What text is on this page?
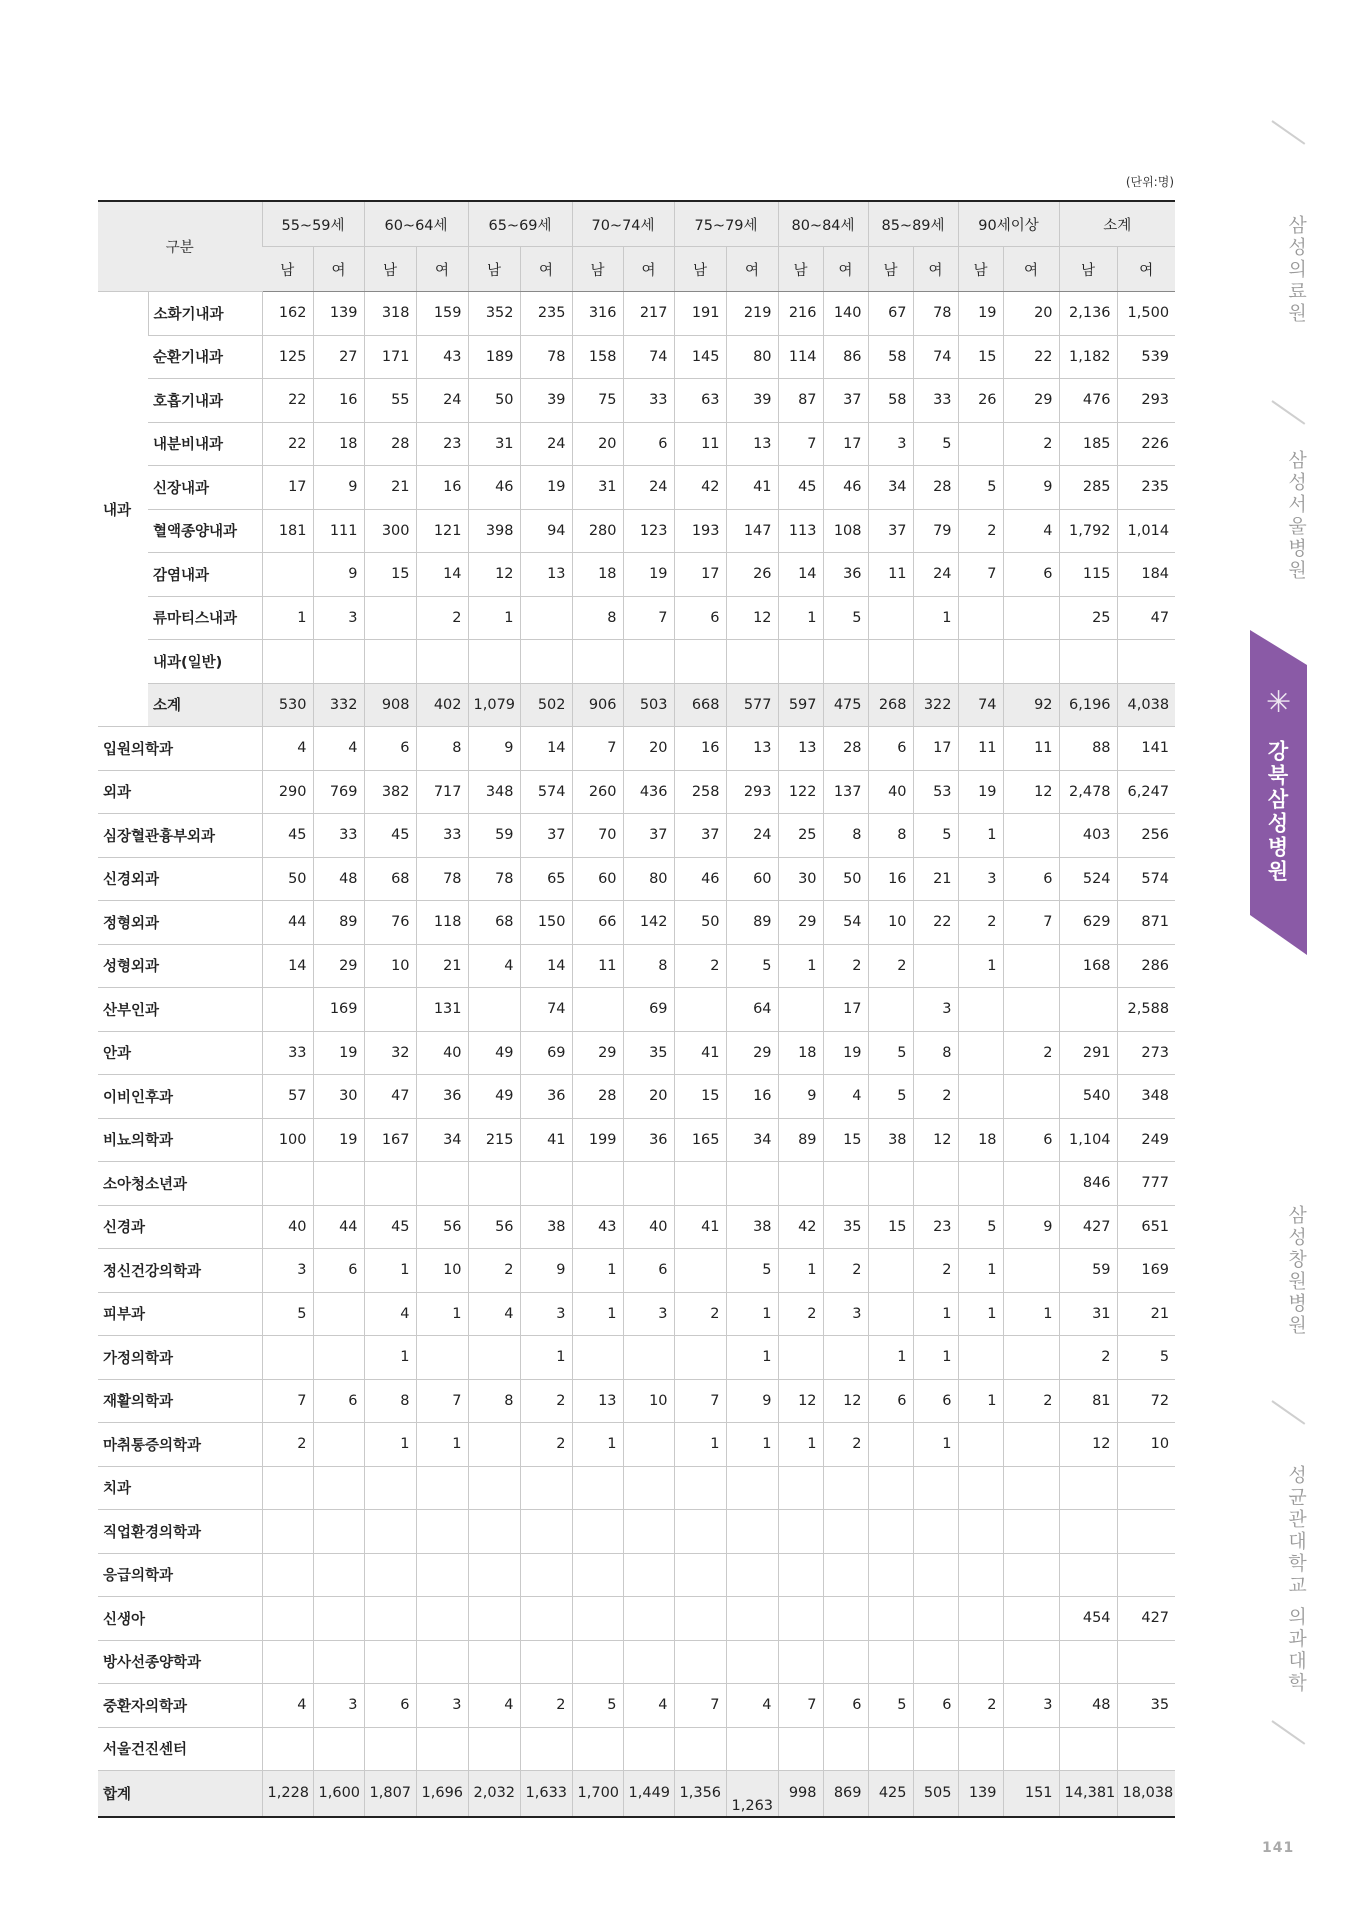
(단위:명)
구분		55~59세		60~64세		65~69세		70~74세		75~79세		80~84세		85~89세		90세이상		소계	
		남	여	남	여	남	여	남	여	남	여	남	여	남	여	남	여	남	여
내과	소화기내과	162	139	318	159	352	235	316	217	191	219	216	140	67	78	19	20	2,136	1,500
	순환기내과	125	27	171	43	189	78	158	74	145	80	114	86	58	74	15	22	1,182	539
	호흡기내과	22	16	55	24	50	39	75	33	63	39	87	37	58	33	26	29	476	293
	내분비내과	22	18	28	23	31	24	20	6	11	13	7	17	3	5		2	185	226
	신장내과	17	9	21	16	46	19	31	24	42	41	45	46	34	28	5	9	285	235
	혈액종양내과	181	111	300	121	398	94	280	123	193	147	113	108	37	79	2	4	1,792	1,014
	감염내과		9	15	14	12	13	18	19	17	26	14	36	11	24	7	6	115	184
	류마티스내과	1	3		2	1		8	7	6	12	1	5		1			25	47
	내과(일반)																		
	소계	530	332	908	402	1,079	502	906	503	668	577	597	475	268	322	74	92	6,196	4,038
입원의학과		4	4	6	8	9	14	7	20	16	13	13	28	6	17	11	11	88	141
외과		290	769	382	717	348	574	260	436	258	293	122	137	40	53	19	12	2,478	6,247
심장혈관흉부외과		45	33	45	33	59	37	70	37	37	24	25	8	8	5	1		403	256
신경외과		50	48	68	78	78	65	60	80	46	60	30	50	16	21	3	6	524	574
정형외과		44	89	76	118	68	150	66	142	50	89	29	54	10	22	2	7	629	871
성형외과		14	29	10	21	4	14	11	8	2	5	1	2	2		1		168	286
산부인과			169		131		74		69		64		17		3				2,588
안과		33	19	32	40	49	69	29	35	41	29	18	19	5	8		2	291	273
이비인후과		57	30	47	36	49	36	28	20	15	16	9	4	5	2			540	348
비뇨의학과		100	19	167	34	215	41	199	36	165	34	89	15	38	12	18	6	1,104	249
소아청소년과																		846	777
신경과		40	44	45	56	56	38	43	40	41	38	42	35	15	23	5	9	427	651
정신건강의학과		3	6	1	10	2	9	1	6		5	1	2		2	1		59	169
피부과		5		4	1	4	3	1	3	2	1	2	3		1	1	1	31	21
가정의학과				1			1				1			1	1			2	5
재활의학과		7	6	8	7	8	2	13	10	7	9	12	12	6	6	1	2	81	72
마취통증의학과		2		1	1		2	1		1	1	1	2		1			12	10
치과																			
직업환경의학과																			
응급의학과																			
신생아																		454	427
방사선종양학과																			
중환자의학과		4	3	6	3	4	2	5	4	7	4	7	6	5	6	2	3	48	35
서울건진센터																			
합계		1,228	1,600	1,807	1,696	2,032	1,633	1,700	1,449	1,356	1,263	998	869	425	505	139	151	14,381	18,038
삼성의료원
삼성서울병원
✳
강북삼성병원
삼성창원병원
성균관대학교 의과대학
141
